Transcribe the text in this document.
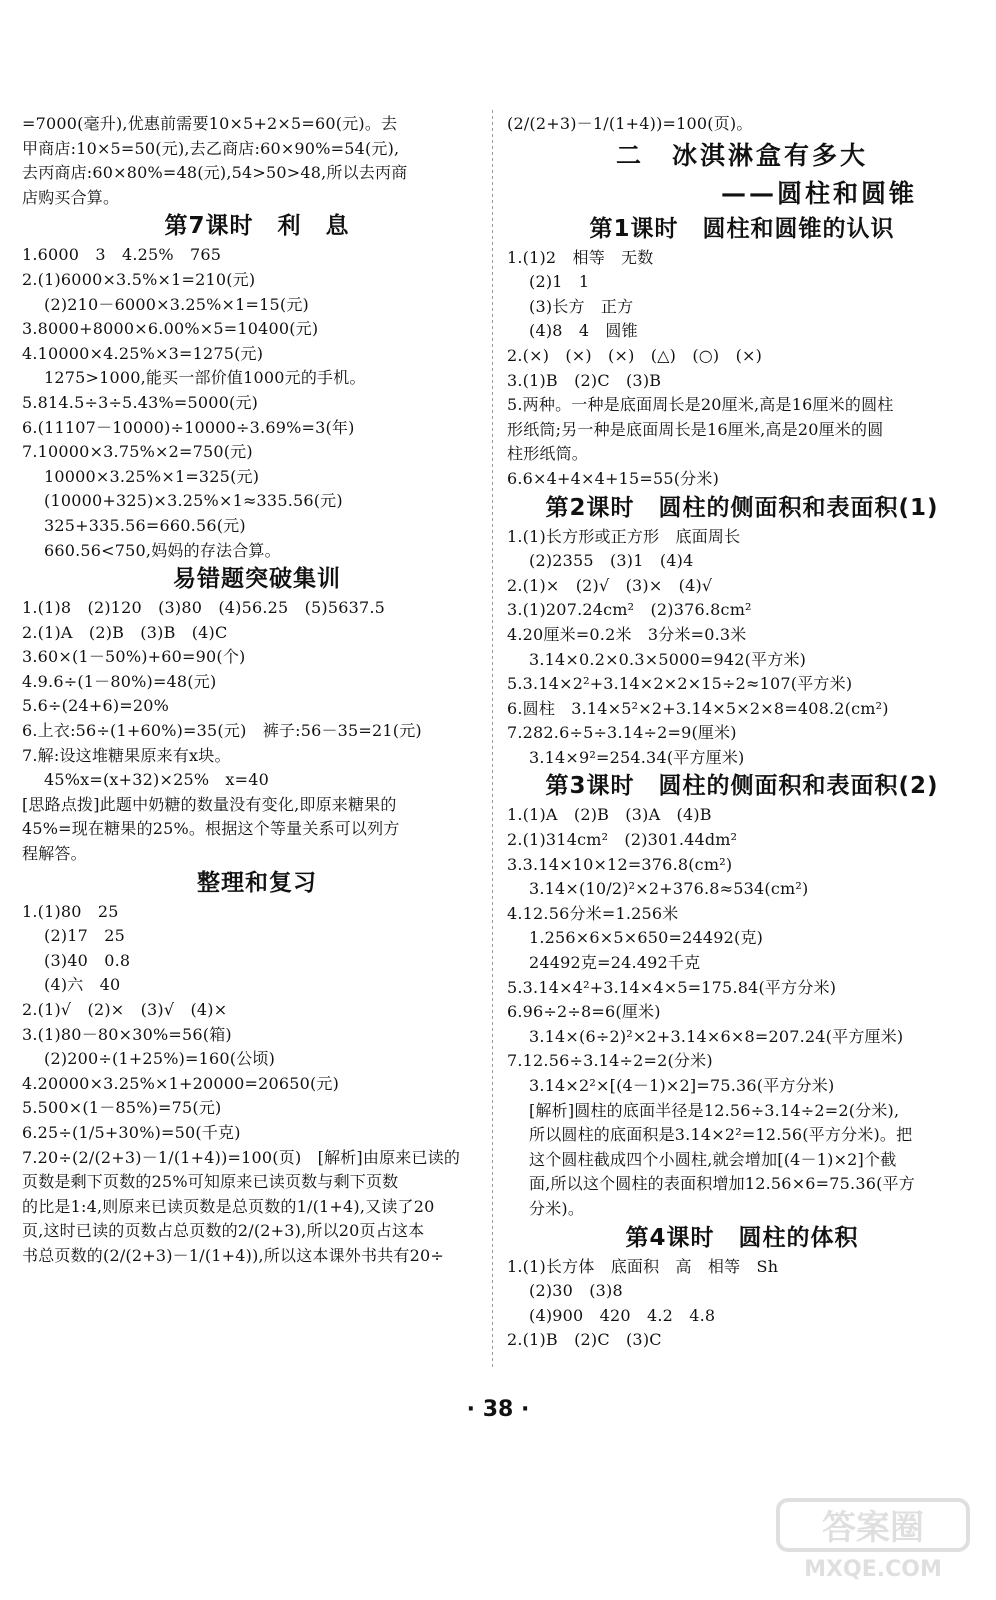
=7000(毫升),优惠前需要10×5+2×5=60(元)。去
甲商店:10×5=50(元),去乙商店:60×90%=54(元),
去丙商店:60×80%=48(元),54>50>48,所以去丙商
店购买合算。
第7课时　利　息
1.6000　3　4.25%　765
2.(1)6000×3.5%×1=210(元)
(2)210－6000×3.25%×1=15(元)
3.8000+8000×6.00%×5=10400(元)
4.10000×4.25%×3=1275(元)
1275>1000,能买一部价值1000元的手机。
5.814.5÷3÷5.43%=5000(元)
6.(11107－10000)÷10000÷3.69%=3(年)
7.10000×3.75%×2=750(元)
10000×3.25%×1=325(元)
(10000+325)×3.25%×1≈335.56(元)
325+335.56=660.56(元)
660.56<750,妈妈的存法合算。
易错题突破集训
1.(1)8　(2)120　(3)80　(4)56.25　(5)5637.5
2.(1)A　(2)B　(3)B　(4)C
3.60×(1－50%)+60=90(个)
4.9.6÷(1－80%)=48(元)
5.6÷(24+6)=20%
6.上衣:56÷(1+60%)=35(元)　裤子:56－35=21(元)
7.解:设这堆糖果原来有x块。
45%x=(x+32)×25%　x=40
[思路点拨]此题中奶糖的数量没有变化,即原来糖果的
45%=现在糖果的25%。根据这个等量关系可以列方
程解答。
整理和复习
1.(1)80　25
(2)17　25
(3)40　0.8
(4)六　40
2.(1)√　(2)×　(3)√　(4)×
3.(1)80－80×30%=56(箱)
(2)200÷(1+25%)=160(公顷)
4.20000×3.25%×1+20000=20650(元)
5.500×(1－85%)=75(元)
6.25÷(1/5+30%)=50(千克)
7.20÷(2/(2+3)－1/(1+4))=100(页)　[解析]由原来已读的
页数是剩下页数的25%可知原来已读页数与剩下页数
的比是1:4,则原来已读页数是总页数的1/(1+4),又读了20
页,这时已读的页数占总页数的2/(2+3),所以20页占这本
书总页数的(2/(2+3)－1/(1+4)),所以这本课外书共有20÷
(2/(2+3)－1/(1+4))=100(页)。
二　冰淇淋盒有多大
——圆柱和圆锥
第1课时　圆柱和圆锥的认识
1.(1)2　相等　无数
(2)1　1
(3)长方　正方
(4)8　4　圆锥
2.(×)　(×)　(×)　(△)　(○)　(×)
3.(1)B　(2)C　(3)B
5.两种。一种是底面周长是20厘米,高是16厘米的圆柱
形纸筒;另一种是底面周长是16厘米,高是20厘米的圆
柱形纸筒。
6.6×4+4×4+15=55(分米)
第2课时　圆柱的侧面积和表面积(1)
1.(1)长方形或正方形　底面周长
(2)2355　(3)1　(4)4
2.(1)×　(2)√　(3)×　(4)√
3.(1)207.24cm²　(2)376.8cm²
4.20厘米=0.2米　3分米=0.3米
3.14×0.2×0.3×5000=942(平方米)
5.3.14×2²+3.14×2×2×15÷2≈107(平方米)
6.圆柱　3.14×5²×2+3.14×5×2×8=408.2(cm²)
7.282.6÷5÷3.14÷2=9(厘米)
3.14×9²=254.34(平方厘米)
第3课时　圆柱的侧面积和表面积(2)
1.(1)A　(2)B　(3)A　(4)B
2.(1)314cm²　(2)301.44dm²
3.3.14×10×12=376.8(cm²)
3.14×(10/2)²×2+376.8≈534(cm²)
4.12.56分米=1.256米
1.256×6×5×650=24492(克)
24492克=24.492千克
5.3.14×4²+3.14×4×5=175.84(平方分米)
6.96÷2÷8=6(厘米)
3.14×(6÷2)²×2+3.14×6×8=207.24(平方厘米)
7.12.56÷3.14÷2=2(分米)
3.14×2²×[(4－1)×2]=75.36(平方分米)
[解析]圆柱的底面半径是12.56÷3.14÷2=2(分米),
所以圆柱的底面积是3.14×2²=12.56(平方分米)。把
这个圆柱截成四个小圆柱,就会增加[(4－1)×2]个截
面,所以这个圆柱的表面积增加12.56×6=75.36(平方
分米)。
第4课时　圆柱的体积
1.(1)长方体　底面积　高　相等　Sh
(2)30　(3)8
(4)900　420　4.2　4.8
2.(1)B　(2)C　(3)C
· 38 ·
答案圈
MXQE.COM
